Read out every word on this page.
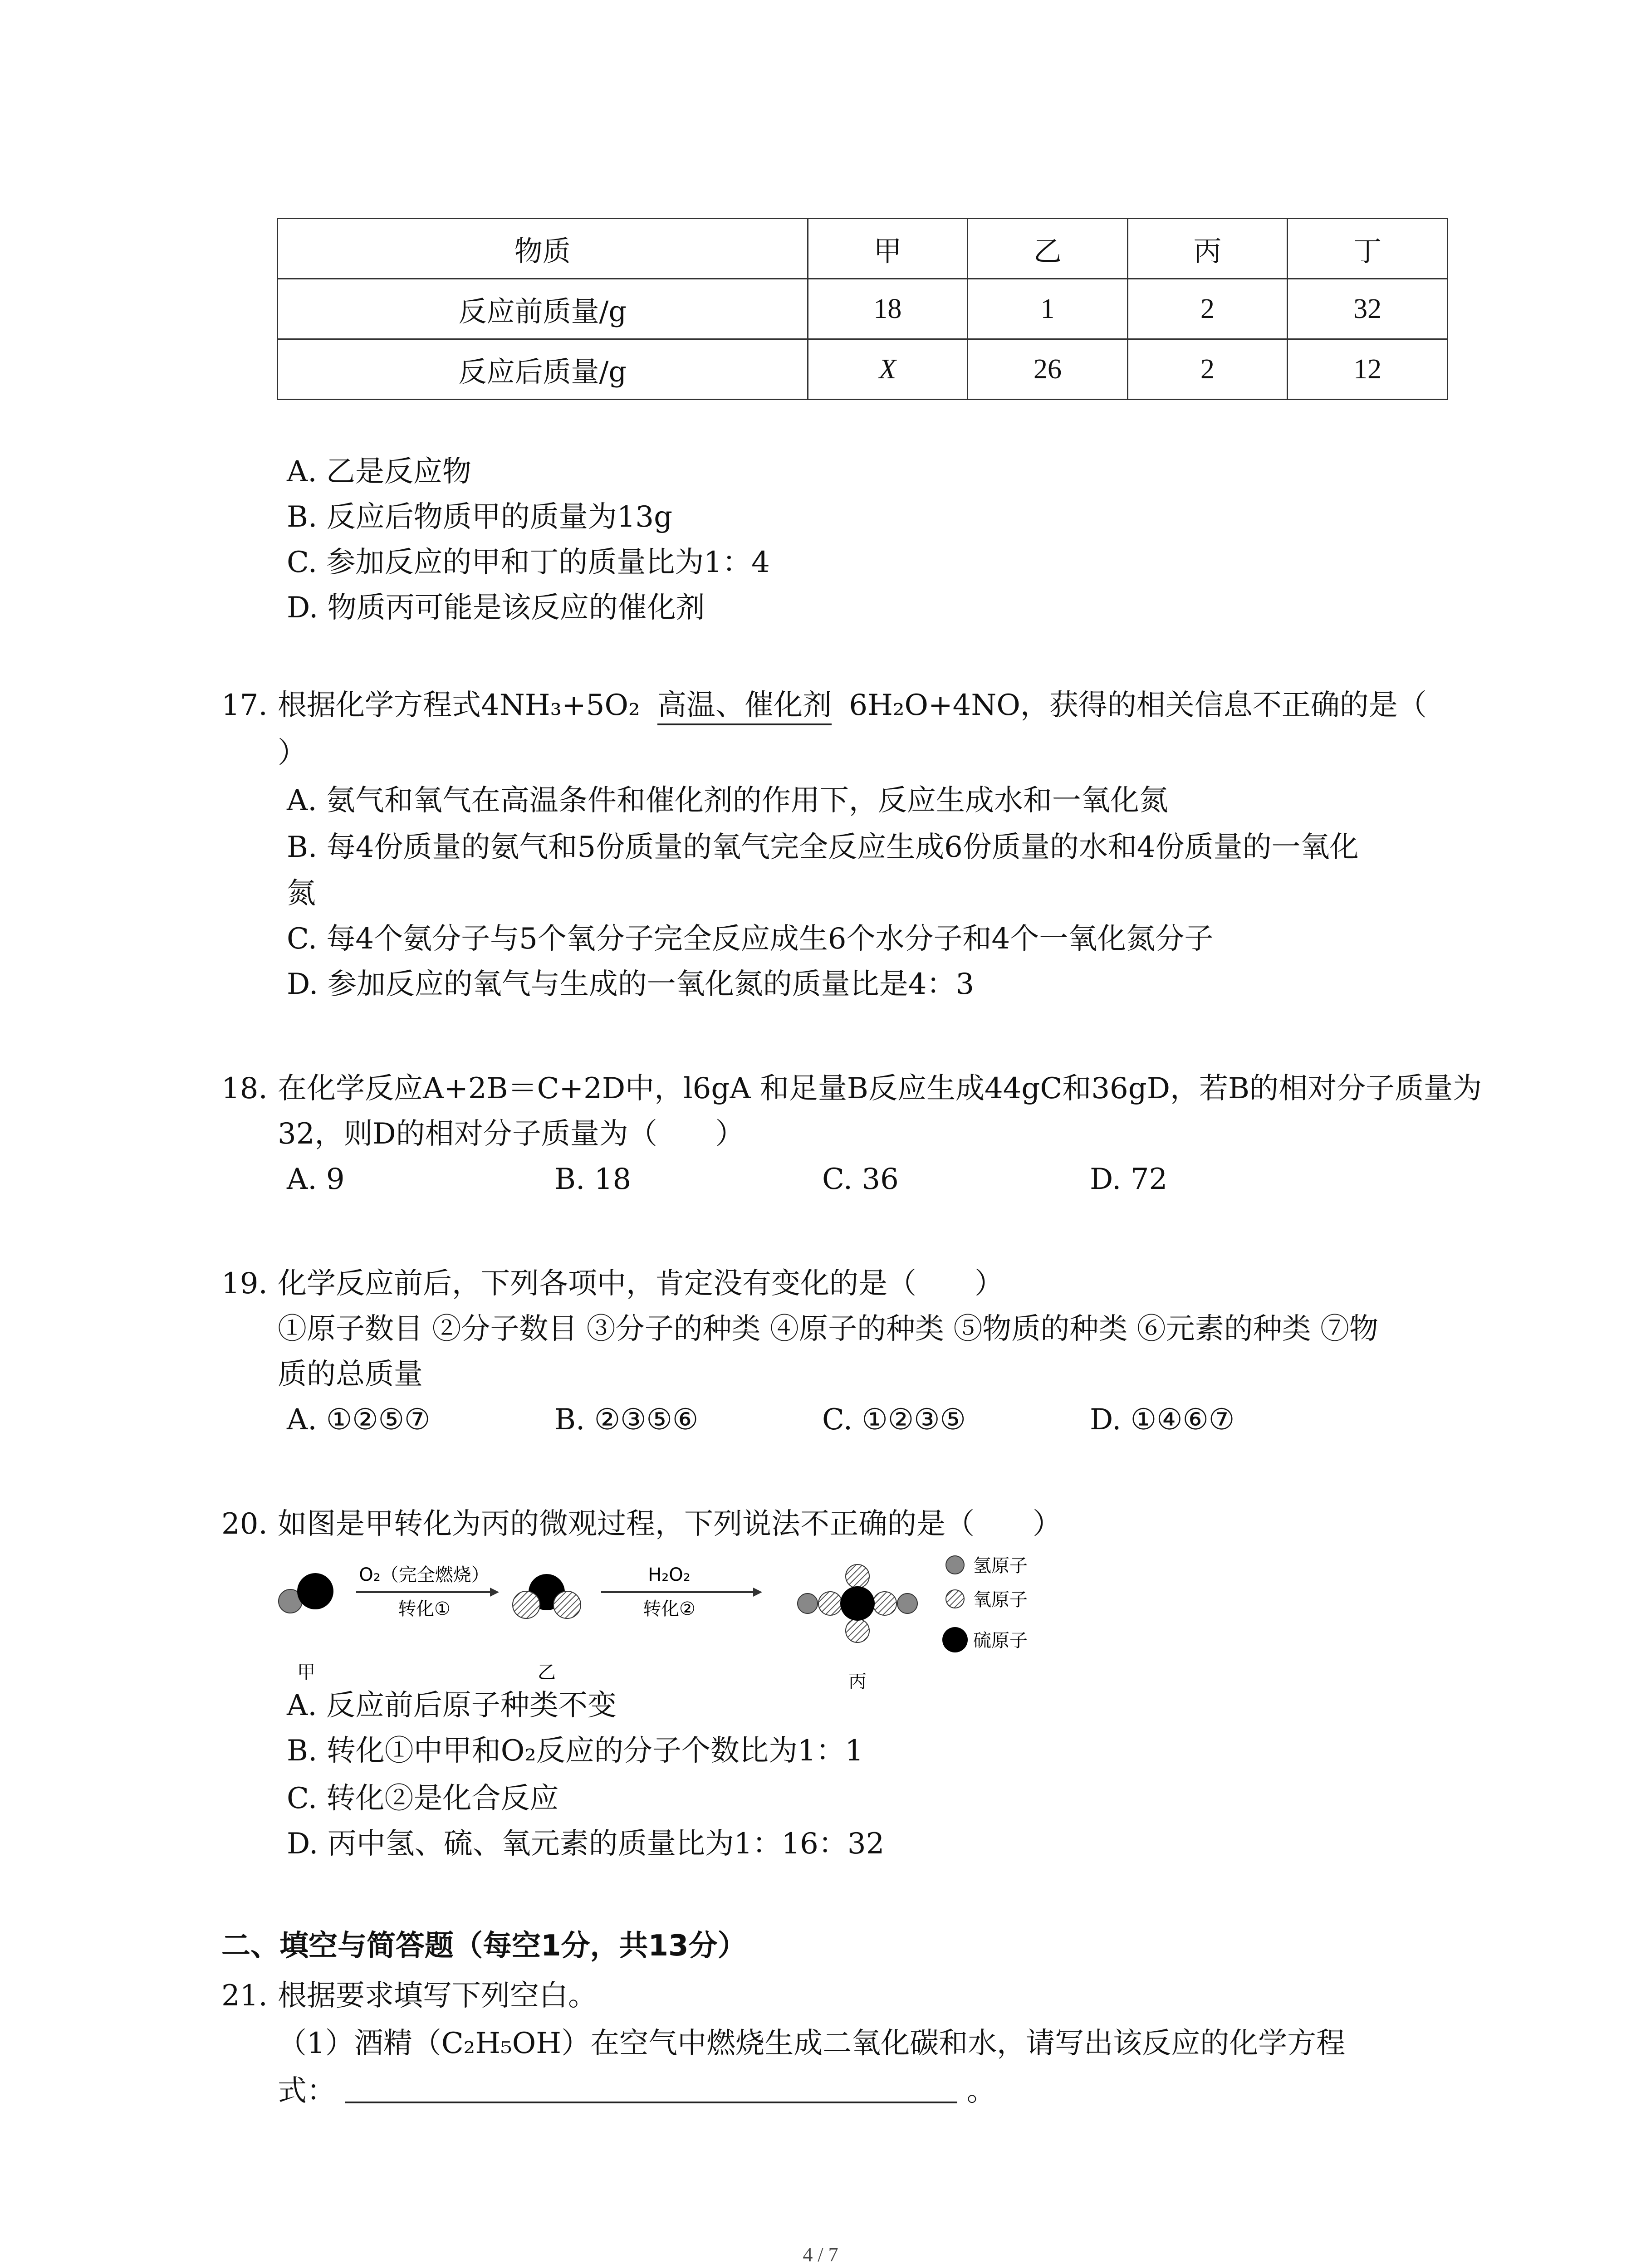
物质	甲	乙	丙	丁
反应前质量/g	18	1	2	32
反应后质量/g	X	26	2	12
A. 乙是反应物
B. 反应后物质甲的质量为13g
C. 参加反应的甲和丁的质量比为1：4
D. 物质丙可能是该反应的催化剂
17. 根据化学方程式4NH₃+5O₂ 高温、催化剂 6H₂O+4NO，获得的相关信息不正确的是（
）
A. 氨气和氧气在高温条件和催化剂的作用下，反应生成水和一氧化氮
B. 每4份质量的氨气和5份质量的氧气完全反应生成6份质量的水和4份质量的一氧化
氮
C. 每4个氨分子与5个氧分子完全反应成生6个水分子和4个一氧化氮分子
D. 参加反应的氧气与生成的一氧化氮的质量比是4：3
18. 在化学反应A+2B＝C+2D中，l6gA 和足量B反应生成44gC和36gD，若B的相对分子质量为
32，则D的相对分子质量为（　　）
A. 9	B. 18	C. 36	D. 72
19. 化学反应前后，下列各项中，肯定没有变化的是（　　）
①原子数目 ②分子数目 ③分子的种类 ④原子的种类 ⑤物质的种类 ⑥元素的种类 ⑦物
质的总质量
A. ①②⑤⑦	B. ②③⑤⑥	C. ①②③⑤	D. ①④⑥⑦
20. 如图是甲转化为丙的微观过程，下列说法不正确的是（　　）
甲
O₂（完全燃烧）
转化①
乙
H₂O₂
转化②
丙
氢原子
氧原子
硫原子
A. 反应前后原子种类不变
B. 转化①中甲和O₂反应的分子个数比为1：1
C. 转化②是化合反应
D. 丙中氢、硫、氧元素的质量比为1：16：32
二、填空与简答题（每空1分，共13分）
21. 根据要求填写下列空白。
（1）酒精（C₂H₅OH）在空气中燃烧生成二氧化碳和水，请写出该反应的化学方程
式：	。
4 / 7
